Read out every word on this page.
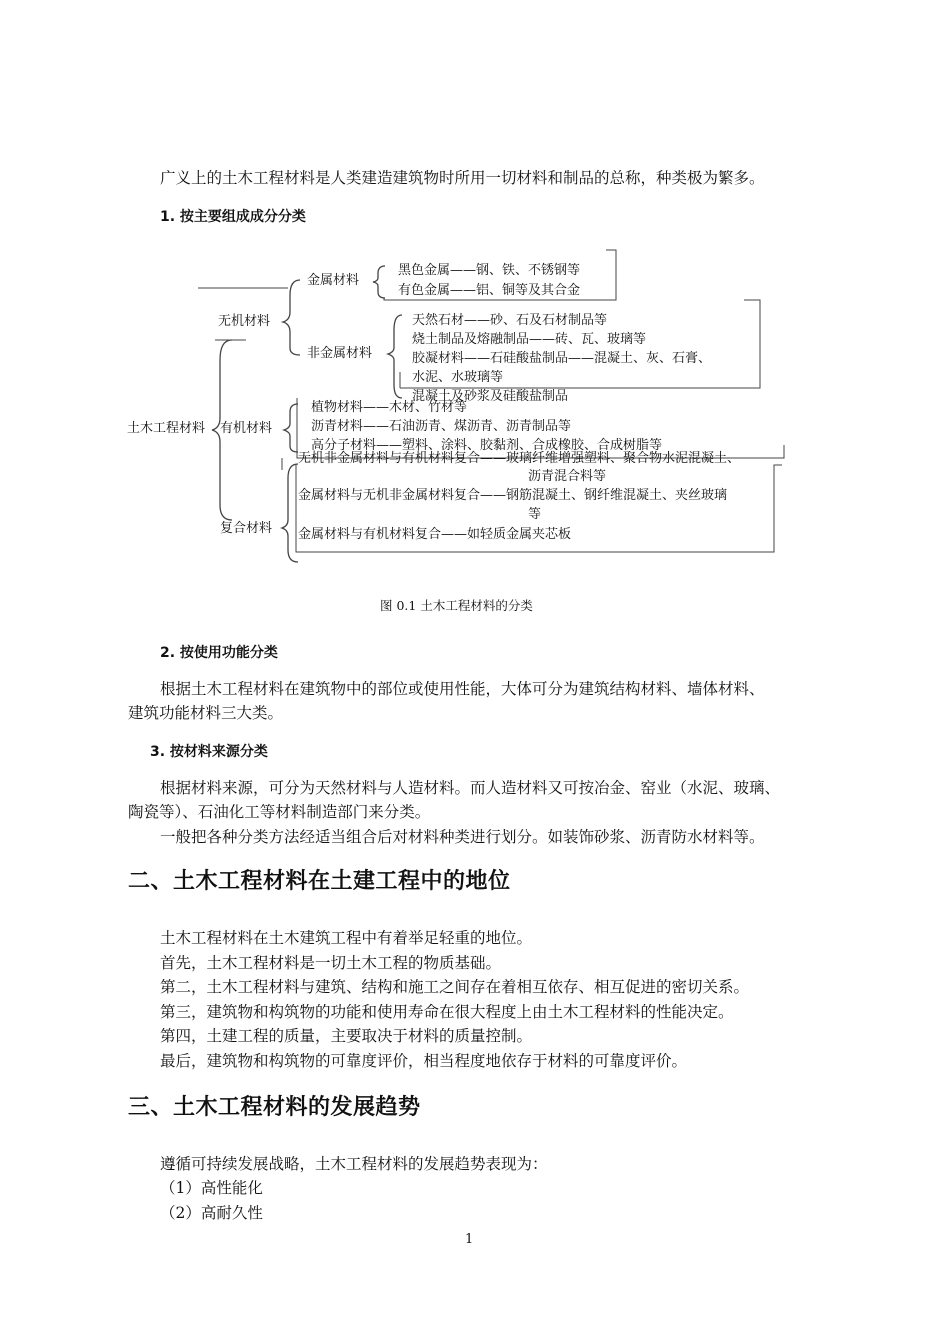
广义上的土木工程材料是人类建造建筑物时所用一切材料和制品的总称，种类极为繁多。
1. 按主要组成成分分类
土木工程材料
无机材料
金属材料
黑色金属——钢、铁、不锈钢等
有色金属——铝、铜等及其合金
非金属材料
天然石材——砂、石及石材制品等
烧土制品及熔融制品——砖、瓦、玻璃等
胶凝材料——石硅酸盐制品——混凝土、灰、石膏、
水泥、水玻璃等
混凝土及砂浆及硅酸盐制品
有机材料
植物材料——木材、竹材等
沥青材料——石油沥青、煤沥青、沥青制品等
高分子材料——塑料、涂料、胶黏剂、合成橡胶、合成树脂等
复合材料
无机非金属材料与有机材料复合——玻璃纤维增强塑料、聚合物水泥混凝土、
沥青混合料等
金属材料与无机非金属材料复合——钢筋混凝土、钢纤维混凝土、夹丝玻璃
等
金属材料与有机材料复合——如轻质金属夹芯板
图 0.1 土木工程材料的分类
2. 按使用功能分类
根据土木工程材料在建筑物中的部位或使用性能，大体可分为建筑结构材料、墙体材料、
建筑功能材料三大类。
3. 按材料来源分类
根据材料来源，可分为天然材料与人造材料。而人造材料又可按冶金、窑业（水泥、玻璃、
陶瓷等）、石油化工等材料制造部门来分类。
一般把各种分类方法经适当组合后对材料种类进行划分。如装饰砂浆、沥青防水材料等。
二、土木工程材料在土建工程中的地位
土木工程材料在土木建筑工程中有着举足轻重的地位。
首先，土木工程材料是一切土木工程的物质基础。
第二，土木工程材料与建筑、结构和施工之间存在着相互依存、相互促进的密切关系。
第三，建筑物和构筑物的功能和使用寿命在很大程度上由土木工程材料的性能决定。
第四，土建工程的质量，主要取决于材料的质量控制。
最后，建筑物和构筑物的可靠度评价，相当程度地依存于材料的可靠度评价。
三、土木工程材料的发展趋势
遵循可持续发展战略，土木工程材料的发展趋势表现为：
（1）高性能化
（2）高耐久性
1
